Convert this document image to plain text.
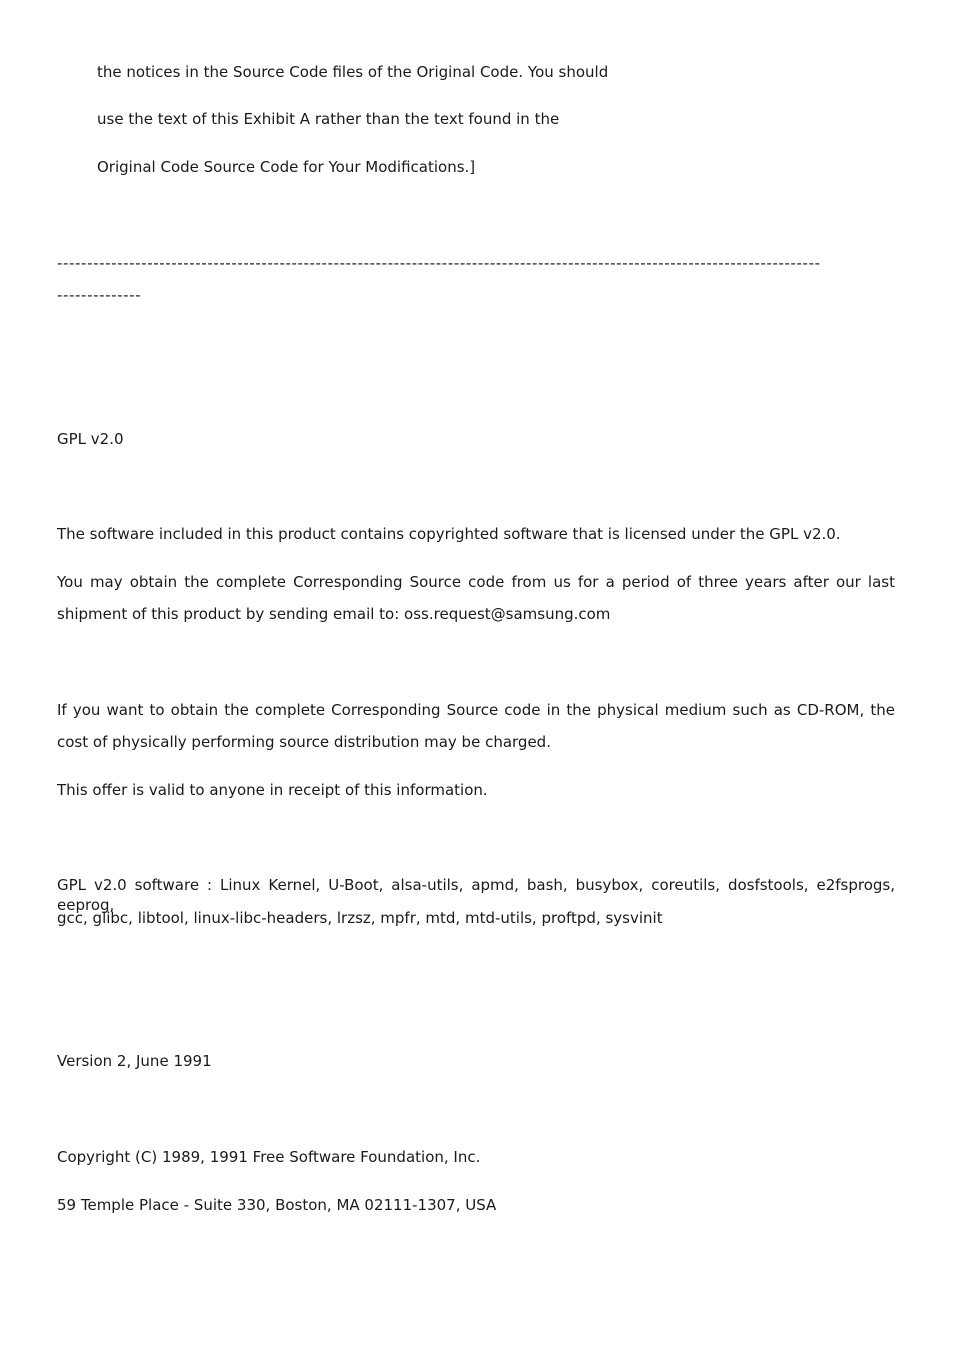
the notices in the Source Code files of the Original Code. You should
use the text of this Exhibit A rather than the text found in the
Original Code Source Code for Your Modifications.]
-------------------------------------------------------------------------------------------------------------------------------
--------------
GPL v2.0
The software included in this product contains copyrighted software that is licensed under the GPL v2.0.
You may obtain the complete Corresponding Source code from us for a period of three years after our last
shipment of this product by sending email to: oss.request@samsung.com
If you want to obtain the complete Corresponding Source code in the physical medium such as CD-ROM, the
cost of physically performing source distribution may be charged.
This offer is valid to anyone in receipt of this information.
GPL v2.0 software : Linux Kernel, U-Boot, alsa-utils, apmd, bash, busybox, coreutils, dosfstools, e2fsprogs, eeprog,
gcc, glibc, libtool, linux-libc-headers, lrzsz, mpfr, mtd, mtd-utils, proftpd, sysvinit
Version 2, June 1991
Copyright (C) 1989, 1991 Free Software Foundation, Inc.
59 Temple Place - Suite 330, Boston, MA 02111-1307, USA
